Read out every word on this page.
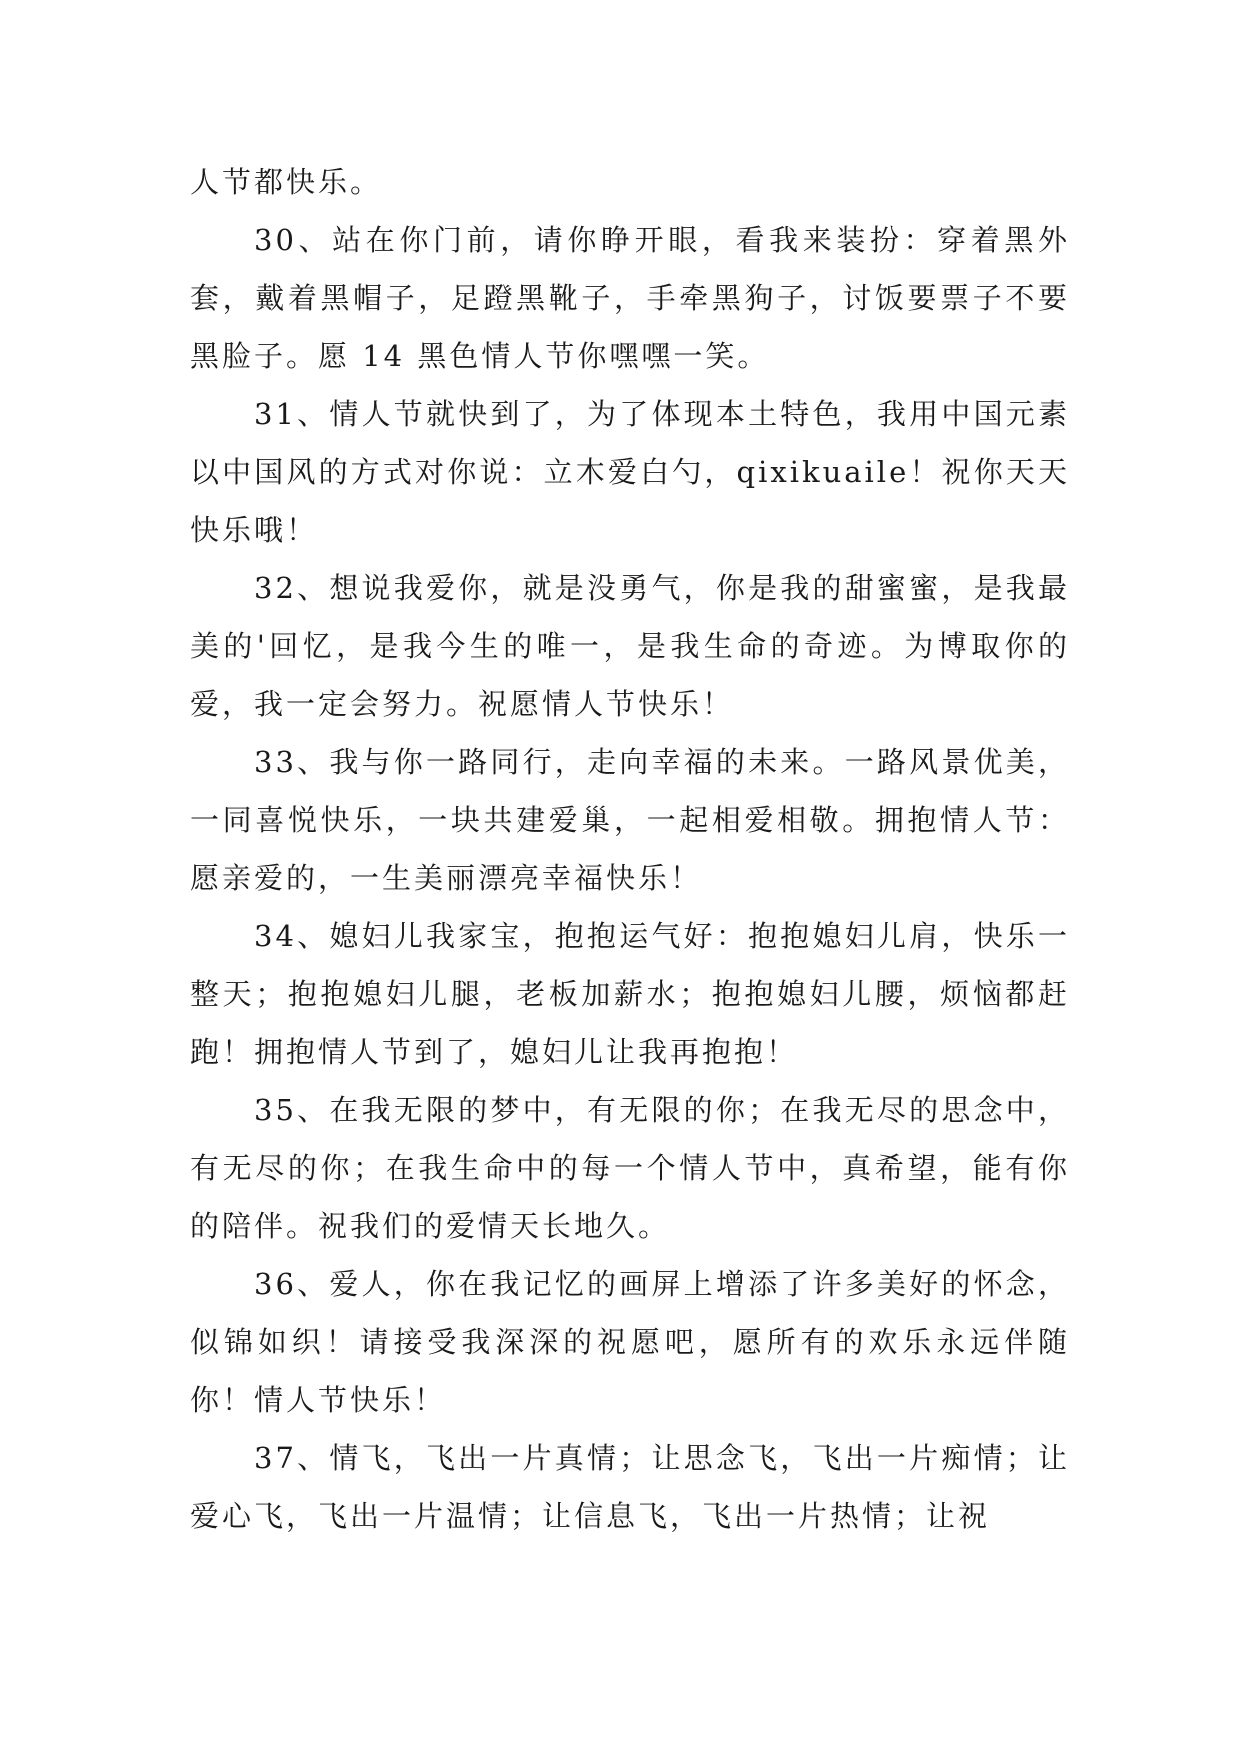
人节都快乐。

30、站在你门前，请你睁开眼，看我来装扮：穿着黑外套，戴着黑帽子，足蹬黑靴子，手牵黑狗子，讨饭要票子不要黑脸子。愿 14 黑色情人节你嘿嘿一笑。

31、情人节就快到了，为了体现本土特色，我用中国元素以中国风的方式对你说：立木爱白勺，qixikuaile！祝你天天快乐哦！

32、想说我爱你，就是没勇气，你是我的甜蜜蜜，是我最美的'回忆，是我今生的唯一，是我生命的奇迹。为博取你的爱，我一定会努力。祝愿情人节快乐！

33、我与你一路同行，走向幸福的未来。一路风景优美，一同喜悦快乐，一块共建爱巢，一起相爱相敬。拥抱情人节：愿亲爱的，一生美丽漂亮幸福快乐！

34、媳妇儿我家宝，抱抱运气好：抱抱媳妇儿肩，快乐一整天；抱抱媳妇儿腿，老板加薪水；抱抱媳妇儿腰，烦恼都赶跑！拥抱情人节到了，媳妇儿让我再抱抱！

35、在我无限的梦中，有无限的你；在我无尽的思念中，有无尽的你；在我生命中的每一个情人节中，真希望，能有你的陪伴。祝我们的爱情天长地久。

36、爱人，你在我记忆的画屏上增添了许多美好的怀念，似锦如织！请接受我深深的祝愿吧，愿所有的欢乐永远伴随你！情人节快乐！

37、情飞，飞出一片真情；让思念飞，飞出一片痴情；让爱心飞，飞出一片温情；让信息飞，飞出一片热情；让祝
